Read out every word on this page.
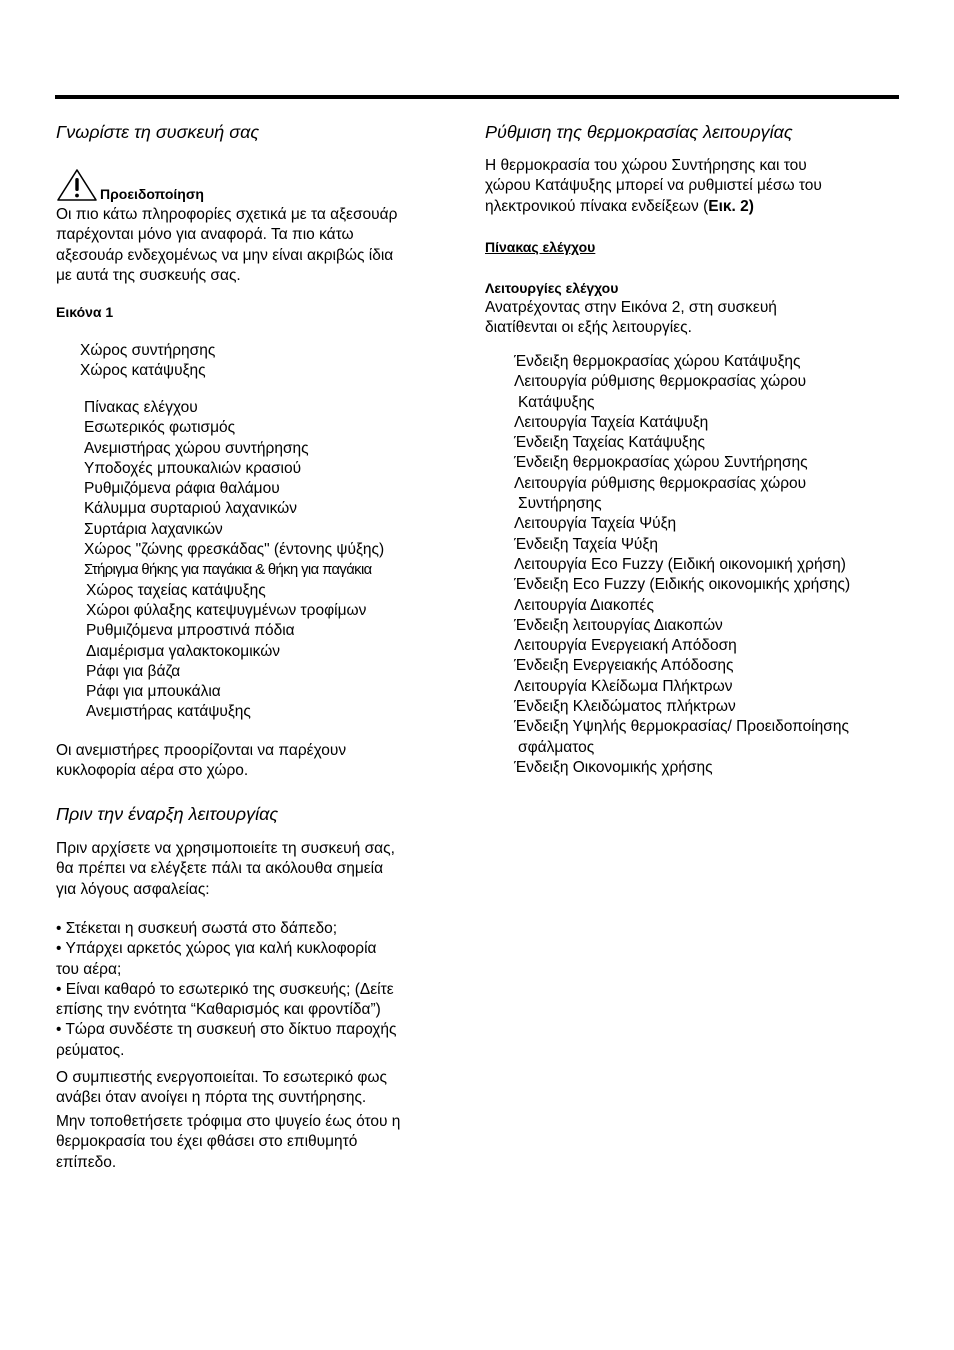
Γνωρίστε τη συσκευή σας
Προειδοποίηση
Οι πιο κάτω πληροφορίες σχετικά με τα αξεσουάρ
παρέχονται μόνο για αναφορά. Τα πιο κάτω
αξεσουάρ ενδεχομένως να μην είναι ακριβώς ίδια
με αυτά της συσκευής σας.
Εικόνα 1
Χώρος συντήρησης
Χώρος κατάψυξης
Πίνακας ελέγχου
Εσωτερικός φωτισμός
Ανεμιστήρας χώρου συντήρησης
Υποδοχές μπουκαλιών κρασιού
Ρυθμιζόμενα ράφια θαλάμου
Κάλυμμα συρταριού λαχανικών
Συρτάρια λαχανικών
Χώρος "ζώνης φρεσκάδας" (έντονης ψύξης)
Στήριγμα θήκης για παγάκια & θήκη για παγάκια
Χώρος ταχείας κατάψυξης
Χώροι φύλαξης κατεψυγμένων τροφίμων
Ρυθμιζόμενα μπροστινά πόδια
Διαμέρισμα γαλακτοκομικών
Ράφι για βάζα
Ράφι για μπουκάλια
Ανεμιστήρας κατάψυξης
Οι ανεμιστήρες προορίζονται να παρέχουν
κυκλοφορία αέρα στο χώρο.
Πριν την έναρξη λειτουργίας
Πριν αρχίσετε να χρησιμοποιείτε τη συσκευή σας,
θα πρέπει να ελέγξετε πάλι τα ακόλουθα σημεία
για λόγους ασφαλείας:
• Στέκεται η συσκευή σωστά στο δάπεδο;
• Υπάρχει αρκετός χώρος για καλή κυκλοφορία
του αέρα;
• Είναι καθαρό το εσωτερικό της συσκευής; (Δείτε
επίσης την ενότητα “Καθαρισμός και φροντίδα”)
• Τώρα συνδέστε τη συσκευή στο δίκτυο παροχής
ρεύματος.
Ο συμπιεστής ενεργοποιείται. Το εσωτερικό φως
ανάβει όταν ανοίγει η πόρτα της συντήρησης.
Μην τοποθετήσετε τρόφιμα στο ψυγείο έως ότου η
θερμοκρασία του έχει φθάσει στο επιθυμητό
επίπεδο.
Ρύθμιση της θερμοκρασίας λειτουργίας
Η θερμοκρασία του χώρου Συντήρησης και του
χώρου Κατάψυξης μπορεί να ρυθμιστεί μέσω του
ηλεκτρονικού πίνακα ενδείξεων (Εικ. 2)
Πίνακας ελέγχου
Λειτουργίες ελέγχου
Ανατρέχοντας στην Εικόνα 2, στη συσκευή
διατίθενται οι εξής λειτουργίες.
Ένδειξη θερμοκρασίας χώρου Κατάψυξης
Λειτουργία ρύθμισης θερμοκρασίας χώρου
Κατάψυξης
Λειτουργία Ταχεία Κατάψυξη
Ένδειξη Ταχείας Κατάψυξης
Ένδειξη θερμοκρασίας χώρου Συντήρησης
Λειτουργία ρύθμισης θερμοκρασίας χώρου
Συντήρησης
Λειτουργία Ταχεία Ψύξη
Ένδειξη Ταχεία Ψύξη
Λειτουργία Eco Fuzzy (Ειδική οικονομική χρήση)
Ένδειξη Eco Fuzzy (Ειδικής οικονομικής χρήσης)
Λειτουργία Διακοπές
Ένδειξη λειτουργίας Διακοπών
Λειτουργία Ενεργειακή Απόδοση
Ένδειξη Ενεργειακής Απόδοσης
Λειτουργία Κλείδωμα Πλήκτρων
Ένδειξη Κλειδώματος πλήκτρων
Ένδειξη Υψηλής θερμοκρασίας/ Προειδοποίησης
σφάλματος
Ένδειξη Οικονομικής χρήσης
